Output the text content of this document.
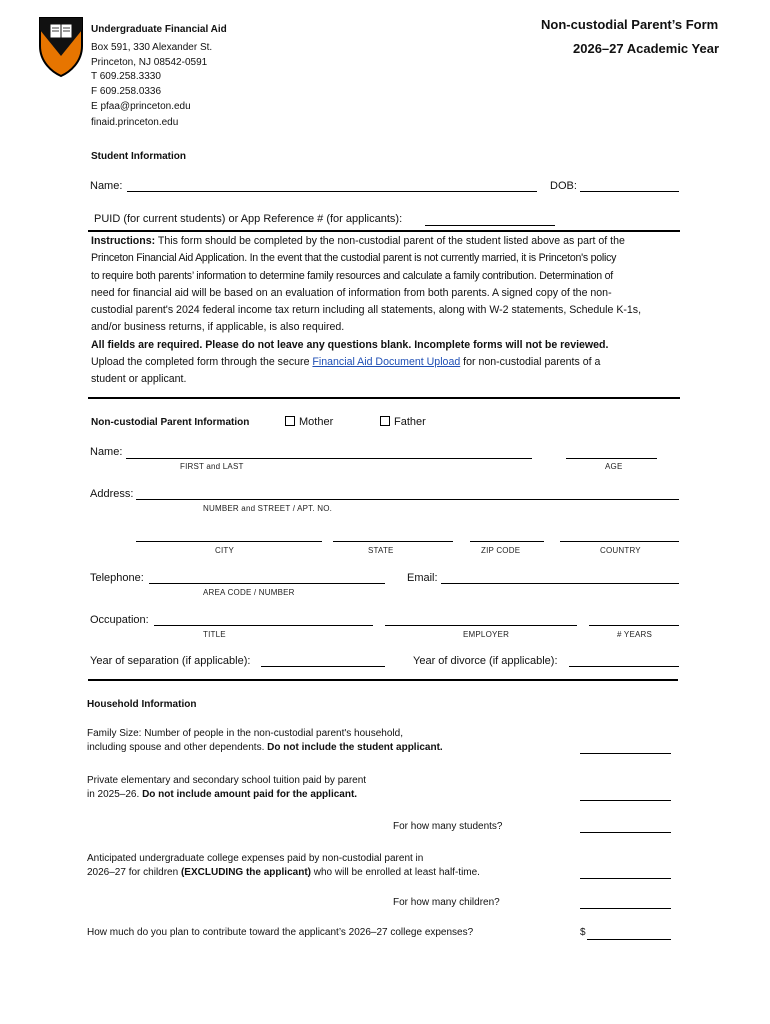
Undergraduate Financial Aid
Box 591, 330 Alexander St.
Princeton, NJ 08542-0591
T 609.258.3330
F 609.258.0336
E pfaa@princeton.edu
finaid.princeton.edu
Non-custodial Parent’s Form
2026–27 Academic Year
Student Information
Name:	DOB:
PUID (for current students) or App Reference # (for applicants):
Instructions: This form should be completed by the non-custodial parent of the student listed above as part of the
Princeton Financial Aid Application. In the event that the custodial parent is not currently married, it is Princeton's policy
to require both parents’ information to determine family resources and calculate a family contribution. Determination of
need for financial aid will be based on an evaluation of information from both parents. A signed copy of the non-
custodial parent's 2024 federal income tax return including all statements, along with W-2 statements, Schedule K-1s,
and/or business returns, if applicable, is also required.
All fields are required. Please do not leave any questions blank. Incomplete forms will not be reviewed.
Upload the completed form through the secure Financial Aid Document Upload for non-custodial parents of a
student or applicant.
Non-custodial Parent Information	Mother	Father
Name:
FIRST and LAST	AGE
Address:
NUMBER and STREET / APT. NO.
CITY	STATE	ZIP CODE	COUNTRY
Telephone:
AREA CODE / NUMBER
Email:
Occupation:
TITLE	EMPLOYER	# YEARS
Year of separation (if applicable):	Year of divorce (if applicable):
Household Information
Family Size: Number of people in the non-custodial parent's household,
including spouse and other dependents. Do not include the student applicant.
Private elementary and secondary school tuition paid by parent
in 2025–26. Do not include amount paid for the applicant.
For how many students?
Anticipated undergraduate college expenses paid by non-custodial parent in
2026–27 for children (EXCLUDING the applicant) who will be enrolled at least half-time.
For how many children?
How much do you plan to contribute toward the applicant’s 2026–27 college expenses?	$
